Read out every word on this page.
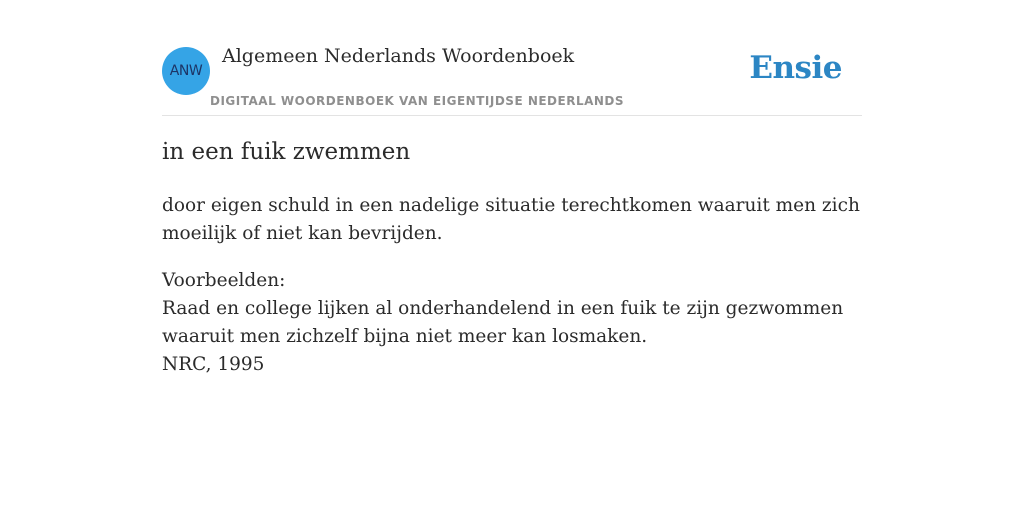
ANW
Algemeen Nederlands Woordenboek
DIGITAAL WOORDENBOEK VAN EIGENTIJDSE NEDERLANDS
Ensie
in een fuik zwemmen
door eigen schuld in een nadelige situatie terechtkomen waaruit men zich moeilijk of niet kan bevrijden.
Voorbeelden:
Raad en college lijken al onderhandelend in een fuik te zijn gezwommen waaruit men zichzelf bijna niet meer kan losmaken.
NRC, 1995
